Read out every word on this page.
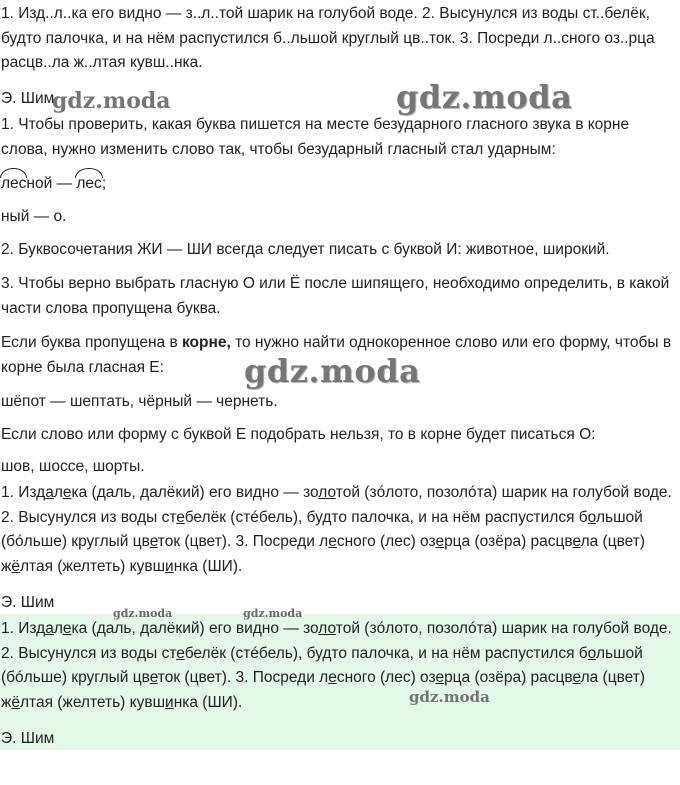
1. Изд..л..ка его видно — з..л..той шарик на голубой воде. 2. Высунулся из воды ст..белёк,
будто палочка, и на нём распустился б..льшой круглый цв..ток. 3. Посреди л..сного оз..рца
расцв..ла ж..лтая кувш..нка.

Э. Шим

1. Чтобы проверить, какая буква пишется на месте безударного гласного звука в корне слова, нужно изменить слово так, чтобы безударный гласный стал ударным:

лесной — лес;

ный — о.

2. Буквосочетания ЖИ — ШИ всегда следует писать с буквой И: животное, широкий.

3. Чтобы верно выбрать гласную О или Ё после шипящего, необходимо определить, в какой части слова пропущена буква.

Если буква пропущена в корне, то нужно найти однокоренное слово или его форму, чтобы в корне была гласная Е:

шёпот — шептать, чёрный — чернеть.

Если слово или форму с буквой Е подобрать нельзя, то в корне будет писаться О:

шов, шоссе, шорты.

1. Издалека (даль, далёкий) его видно — золотой (зóлото, позолóта) шарик на голубой воде. 2. Высунулся из воды стебелёк (стéбель), будто палочка, и на нём распустился большой (бóльше) круглый цветок (цвет). 3. Посреди лесного (лес) озерца (озёра) расцвела (цвет) жёлтая (желтеть) кувшинка (ШИ).

Э. Шим

1. Издалека (даль, далёкий) его видно — золотой (зóлото, позолóта) шарик на голубой воде. 2. Высунулся из воды стебелёк (стéбель), будто палочка, и на нём распустился большой (бóльше) круглый цветок (цвет). 3. Посреди лесного (лес) озерца (озёра) расцвела (цвет) жёлтая (желтеть) кувшинка (ШИ).

Э. Шим

gdz.moda	gdz.moda
gdz.moda
gdz.moda	gdz.moda
gdz.moda
